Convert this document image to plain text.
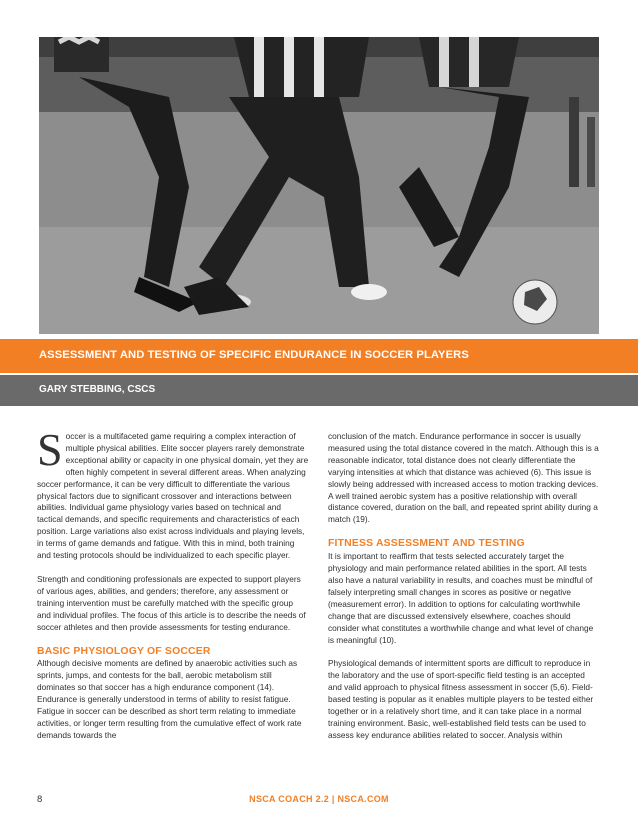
ASSESSMENT AND TESTING OF SPECIFIC ENDURANCE IN SOCCER PLAYERS
GARY STEBBING, CSCS

Soccer is a multifaceted game requiring a complex interaction of multiple physical abilities. Elite soccer players rarely demonstrate exceptional ability or capacity in one physical domain, yet they are often highly competent in several different areas. When analyzing soccer performance, it can be very difficult to differentiate the various physical factors due to significant crossover and interactions between abilities. Individual game physiology varies based on technical and tactical demands, and specific requirements and characteristics of each position. Large variations also exist across individuals and playing levels, in terms of game demands and fatigue. With this in mind, both training and testing protocols should be individualized to each specific player.

Strength and conditioning professionals are expected to support players of various ages, abilities, and genders; therefore, any assessment or training intervention must be carefully matched with the specific group and individual profiles. The focus of this article is to describe the needs of soccer athletes and then provide assessments for testing endurance.

BASIC PHYSIOLOGY OF SOCCER

Although decisive moments are defined by anaerobic activities such as sprints, jumps, and contests for the ball, aerobic metabolism still dominates so that soccer has a high endurance component (14). Endurance is generally understood in terms of ability to resist fatigue. Fatigue in soccer can be described as short term relating to immediate activities, or longer term resulting from the cumulative effect of work rate demands towards the

conclusion of the match. Endurance performance in soccer is usually measured using the total distance covered in the match. Although this is a reasonable indicator, total distance does not clearly differentiate the varying intensities at which that distance was achieved (6). This issue is slowly being addressed with increased access to motion tracking devices. A well trained aerobic system has a positive relationship with overall distance covered, duration on the ball, and repeated sprint ability during a match (19).

FITNESS ASSESSMENT AND TESTING

It is important to reaffirm that tests selected accurately target the physiology and main performance related abilities in the sport. All tests also have a natural variability in results, and coaches must be mindful of falsely interpreting small changes in scores as positive or negative (measurement error). In addition to options for calculating worthwhile change that are discussed extensively elsewhere, coaches should consider what constitutes a worthwhile change and what level of change is meaningful (10).

Physiological demands of intermittent sports are difficult to reproduce in the laboratory and the use of sport-specific field testing is an accepted and valid approach to physical fitness assessment in soccer (5,6). Field-based testing is popular as it enables multiple players to be tested either together or in a relatively short time, and it can take place in a normal training environment. Basic, well-established field tests can be used to assess key endurance abilities related to soccer. Analysis within

8	NSCA COACH 2.2 | NSCA.COM
